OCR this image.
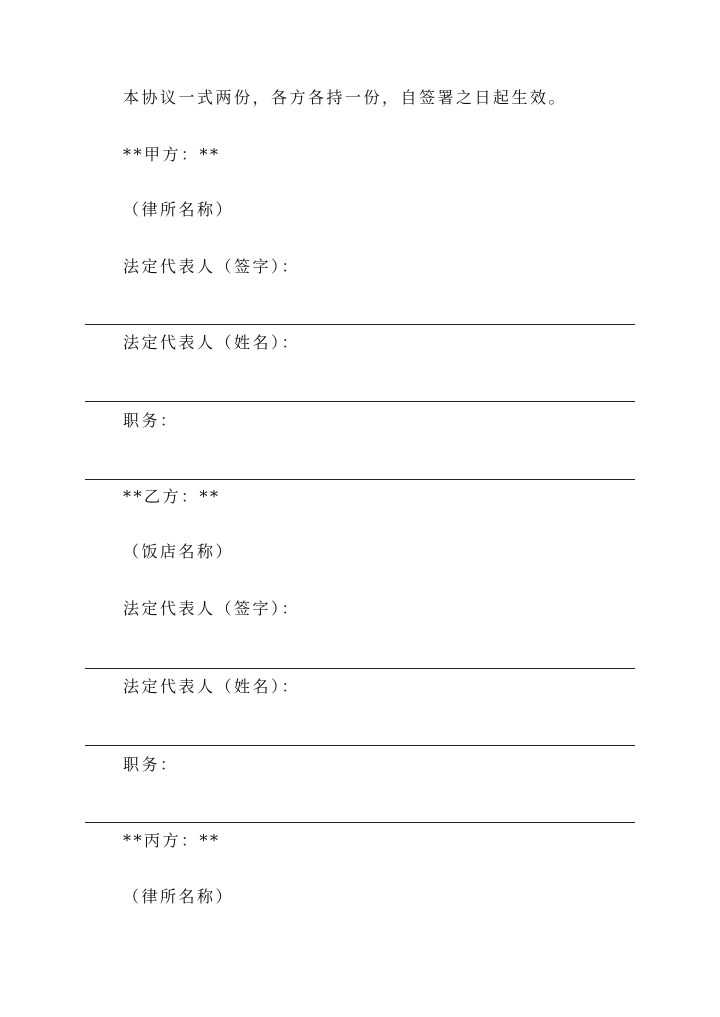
本协议一式两份，各方各持一份，自签署之日起生效。
**甲方：**
（律所名称）
法定代表人（签字）：
法定代表人（姓名）：
职务：
**乙方：**
（饭店名称）
法定代表人（签字）：
法定代表人（姓名）：
职务：
**丙方：**
（律所名称）
